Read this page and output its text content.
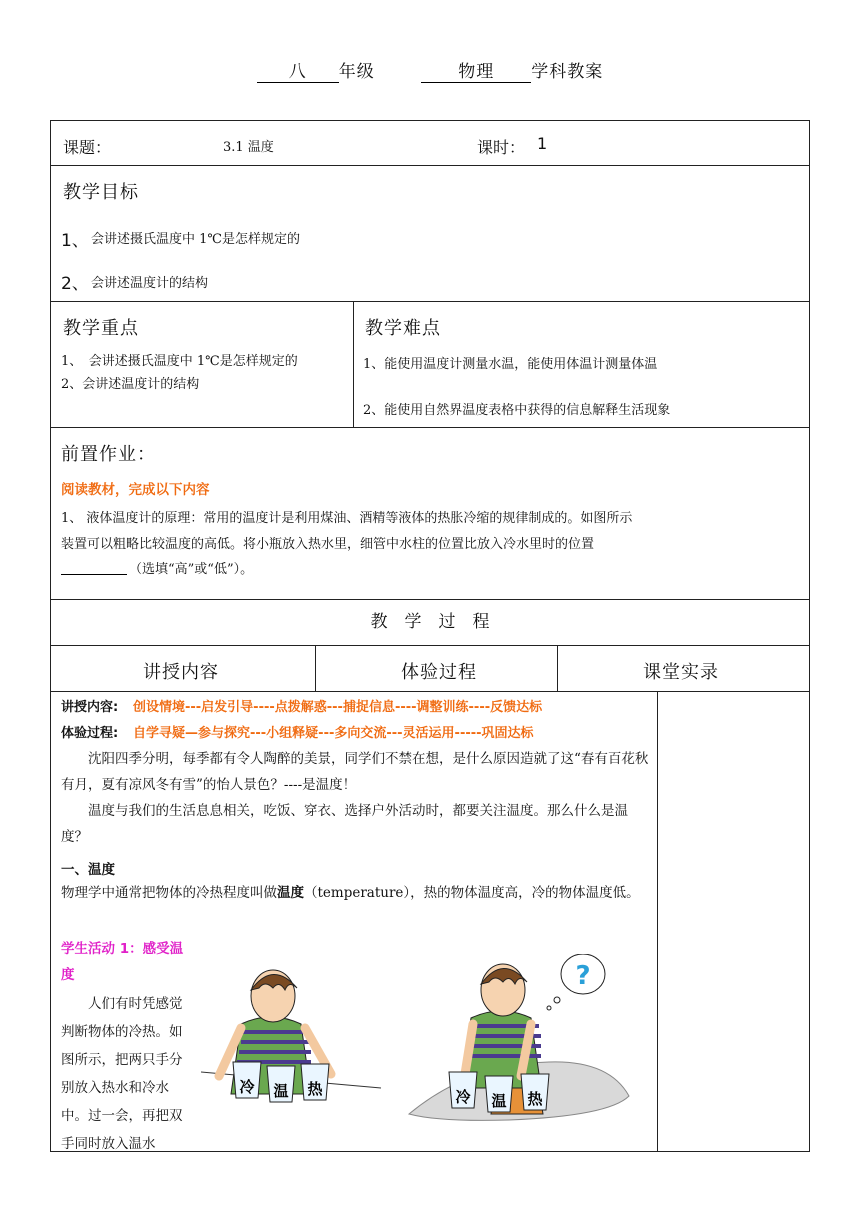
八 年级	物理 学科教案
课题：	3.1 温度	课时： 1
教学目标
1、 会讲述摄氏温度中 1℃是怎样规定的
2、 会讲述温度计的结构
教学重点
1、　会讲述摄氏温度中 1℃是怎样规定的
2、会讲述温度计的结构
教学难点
1、能使用温度计测量水温，能使用体温计测量体温
2、能使用自然界温度表格中获得的信息解释生活现象
前置作业：
阅读教材，完成以下内容
1、 液体温度计的原理：常用的温度计是利用煤油、酒精等液体的热胀冷缩的规律制成的。如图所示
装置可以粗略比较温度的高低。将小瓶放入热水里，细管中水柱的位置比放入冷水里时的位置
（选填“高”或“低”）。
教　学　过　程
讲授内容	体验过程	课堂实录
讲授内容: 创设情境---启发引导----点拨解惑---捕捉信息----调整训练----反馈达标
体验过程: 自学寻疑—参与探究---小组释疑---多向交流---灵活运用-----巩固达标
沈阳四季分明，每季都有令人陶醉的美景，同学们不禁在想，是什么原因造就了这“春有百花秋有月，夏有凉风冬有雪”的怡人景色？----是温度！
温度与我们的生活息息相关，吃饭、穿衣、选择户外活动时，都要关注温度。那么什么是温度？
一、温度
物理学中通常把物体的冷热程度叫做温度（temperature），热的物体温度高，冷的物体温度低。
学生活动 1：感受温度
人们有时凭感觉判断物体的冷热。如图所示，把两只手分别放入热水和冷水中。过一会，再把双手同时放入温水
冷 温 热
?
冷 温 热
